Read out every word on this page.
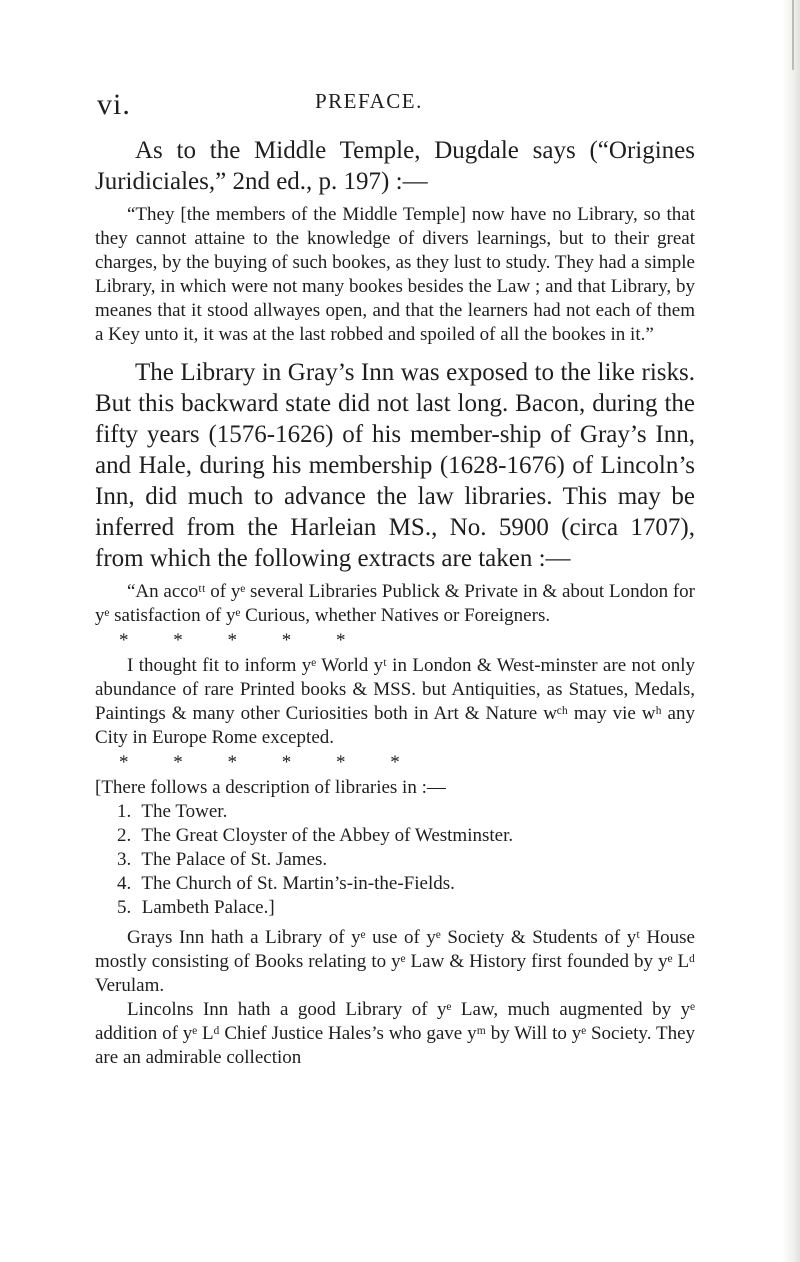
vi.	PREFACE.

As to the Middle Temple, Dugdale says (“Origines Juridiciales,” 2nd ed., p. 197) :—

“They [the members of the Middle Temple] now have no Library, so that they cannot attaine to the knowledge of divers learnings, but to their great charges, by the buying of such bookes, as they lust to study. They had a simple Library, in which were not many bookes besides the Law ; and that Library, by meanes that it stood allwayes open, and that the learners had not each of them a Key unto it, it was at the last robbed and spoiled of all the bookes in it.”

The Library in Gray’s Inn was exposed to the like risks. But this backward state did not last long. Bacon, during the fifty years (1576-1626) of his member-ship of Gray’s Inn, and Hale, during his membership (1628-1676) of Lincoln’s Inn, did much to advance the law libraries. This may be inferred from the Harleian MS., No. 5900 (circa 1707), from which the following extracts are taken :—

“An accoᵗᵗ of yᵉ several Libraries Publick & Private in & about London for yᵉ satisfaction of yᵉ Curious, whether Natives or Foreigners.

* * * * *

I thought fit to inform yᵉ World yᵗ in London & West-minster are not only abundance of rare Printed books & MSS. but Antiquities, as Statues, Medals, Paintings & many other Curiosities both in Art & Nature wᶜʰ may vie wʰ any City in Europe Rome excepted.

* * * * * *

[There follows a description of libraries in :—

1. The Tower.
2. The Great Cloyster of the Abbey of Westminster.
3. The Palace of St. James.
4. The Church of St. Martin’s-in-the-Fields.
5. Lambeth Palace.]

Grays Inn hath a Library of yᵉ use of yᵉ Society & Students of yᵗ House mostly consisting of Books relating to yᵉ Law & History first founded by yᵉ Lᵈ Verulam.

Lincolns Inn hath a good Library of yᵉ Law, much augmented by yᵉ addition of yᵉ Lᵈ Chief Justice Hales’s who gave yᵐ by Will to yᵉ Society. They are an admirable collection
